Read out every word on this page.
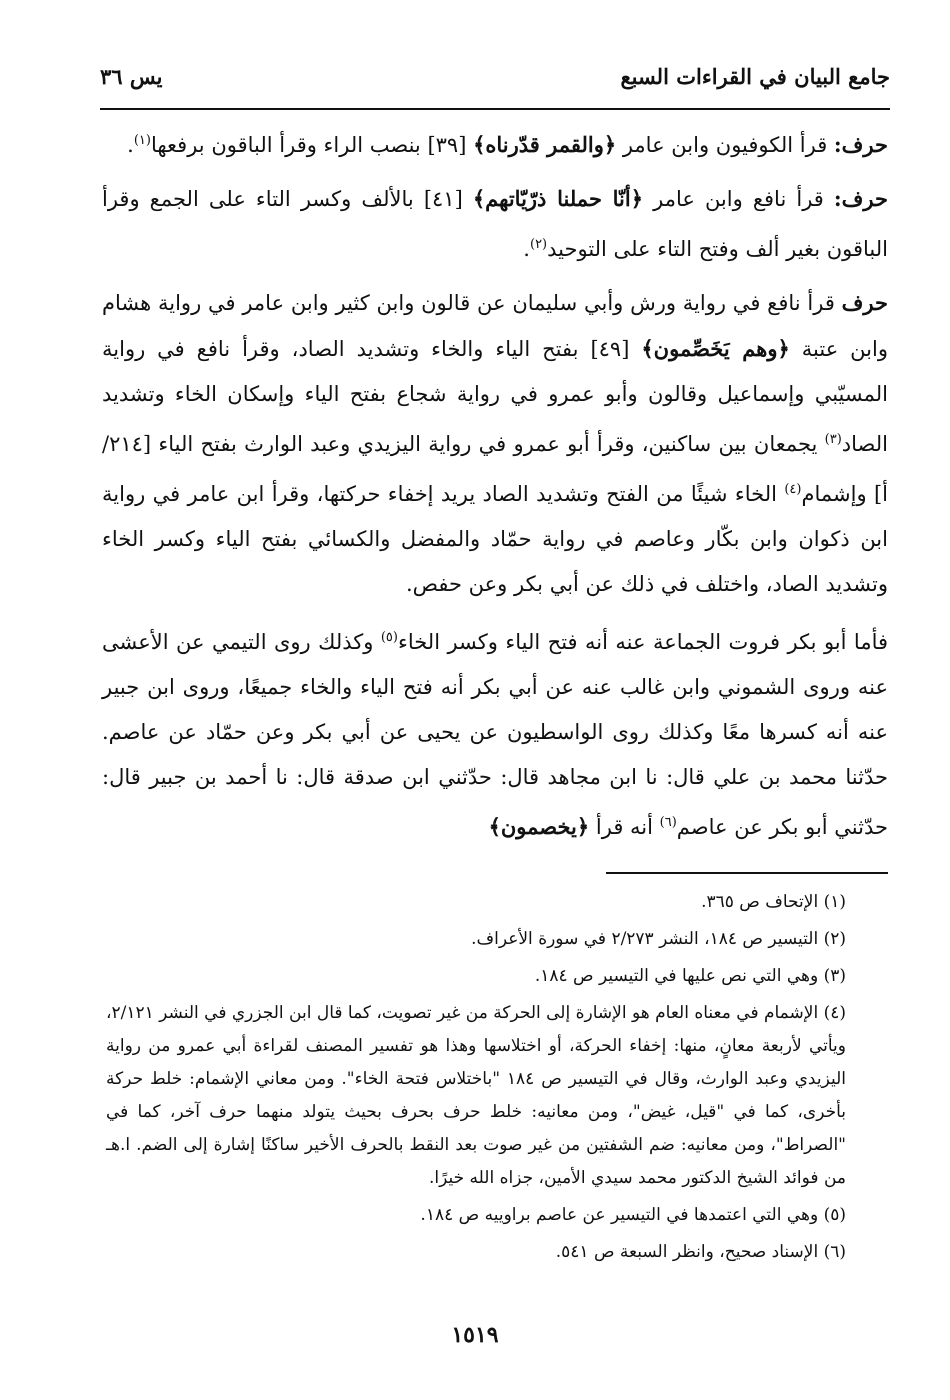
جامع البيان في القراءات السبع
يس ٣٦

حرف: قرأ الكوفيون وابن عامر ﴿والقمر قدّرناه﴾ [٣٩] بنصب الراء وقرأ الباقون برفعها$^{(١)}$.

حرف: قرأ نافع وابن عامر ﴿أنّا حملنا ذرّيّاتهم﴾ [٤١] بالألف وكسر التاء على الجمع وقرأ الباقون بغير ألف وفتح التاء على التوحيد$^{(٢)}$.

حرف قرأ نافع في رواية ورش وأبي سليمان عن قالون وابن كثير وابن عامر في رواية هشام وابن عتبة ﴿وهم يَخَصِّمون﴾ [٤٩] بفتح الياء والخاء وتشديد الصاد، وقرأ نافع في رواية المسيّبي وإسماعيل وقالون وأبو عمرو في رواية شجاع بفتح الياء وإسكان الخاء وتشديد الصاد$^{(٣)}$ يجمعان بين ساكنين، وقرأ أبو عمرو في رواية اليزيدي وعبد الوارث بفتح الياء [٢١٤/أ] وإشمام$^{(٤)}$ الخاء شيئًا من الفتح وتشديد الصاد يريد إخفاء حركتها، وقرأ ابن عامر في رواية ابن ذكوان وابن بكّار وعاصم في رواية حمّاد والمفضل والكسائي بفتح الياء وكسر الخاء وتشديد الصاد، واختلف في ذلك عن أبي بكر وعن حفص.

فأما أبو بكر فروت الجماعة عنه أنه فتح الياء وكسر الخاء$^{(٥)}$ وكذلك روى التيمي عن الأعشى عنه وروى الشموني وابن غالب عنه عن أبي بكر أنه فتح الياء والخاء جميعًا، وروى ابن جبير عنه أنه كسرها معًا وكذلك روى الواسطيون عن يحيى عن أبي بكر وعن حمّاد عن عاصم. حدّثنا محمد بن علي قال: نا ابن مجاهد قال: حدّثني ابن صدقة قال: نا أحمد بن جبير قال: حدّثني أبو بكر عن عاصم$^{(٦)}$ أنه قرأ ﴿يخصمون﴾

(١) الإتحاف ص ٣٦٥.
(٢) التيسير ص ١٨٤، النشر ٢/٢٧٣ في سورة الأعراف.
(٣) وهي التي نص عليها في التيسير ص ١٨٤.
(٤) الإشمام في معناه العام هو الإشارة إلى الحركة من غير تصويت، كما قال ابن الجزري في النشر ٢/١٢١، ويأتي لأربعة معانٍ، منها: إخفاء الحركة، أو اختلاسها وهذا هو تفسير المصنف لقراءة أبي عمرو من رواية اليزيدي وعبد الوارث، وقال في التيسير ص ١٨٤ "باختلاس فتحة الخاء". ومن معاني الإشمام: خلط حركة بأخرى، كما في "قيل، غيض"، ومن معانيه: خلط حرف بحرف بحيث يتولد منهما حرف آخر، كما في "الصراط"، ومن معانيه: ضم الشفتين من غير صوت بعد النقط بالحرف الأخير ساكنًا إشارة إلى الضم. ا.هـ من فوائد الشيخ الدكتور محمد سيدي الأمين، جزاه الله خيرًا.
(٥) وهي التي اعتمدها في التيسير عن عاصم براوييه ص ١٨٤.
(٦) الإسناد صحيح، وانظر السبعة ص ٥٤١.
١٥١٩
